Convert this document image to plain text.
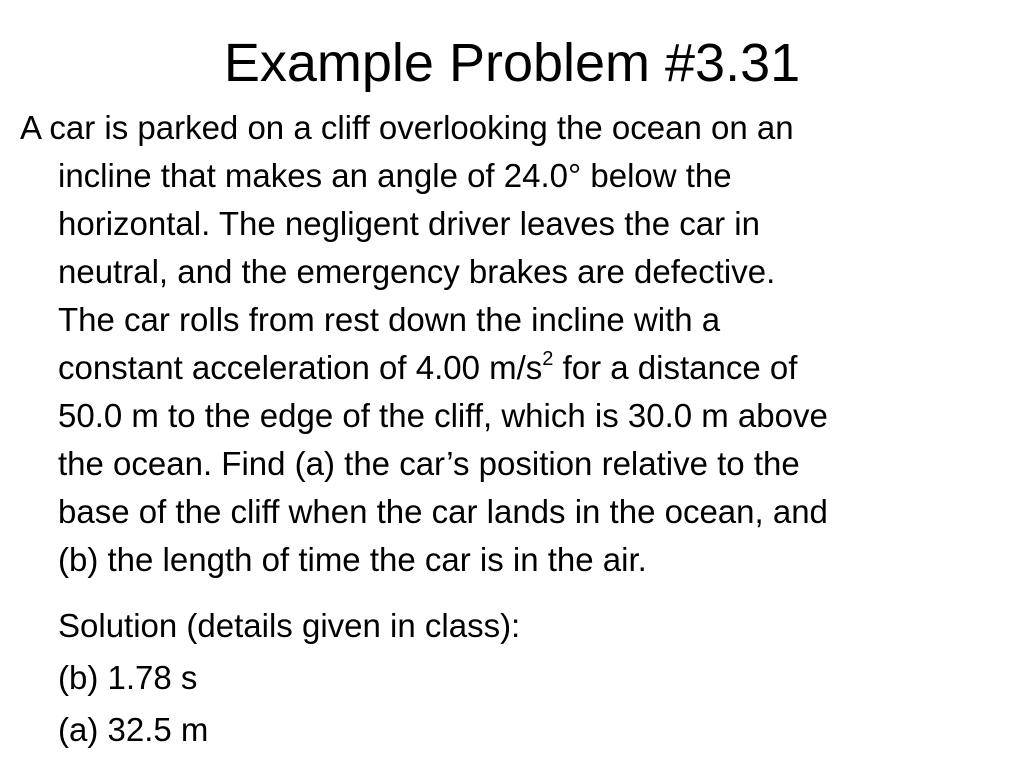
Example Problem #3.31
A car is parked on a cliff overlooking the ocean on an
incline that makes an angle of 24.0° below the
horizontal. The negligent driver leaves the car in
neutral, and the emergency brakes are defective.
The car rolls from rest down the incline with a
constant acceleration of 4.00 $m/s^2$ for a distance of
50.0 m to the edge of the cliff, which is 30.0 m above
the ocean. Find (a) the car’s position relative to the
base of the cliff when the car lands in the ocean, and
(b) the length of time the car is in the air.
Solution (details given in class):
(b) 1.78 s
(a) 32.5 m
